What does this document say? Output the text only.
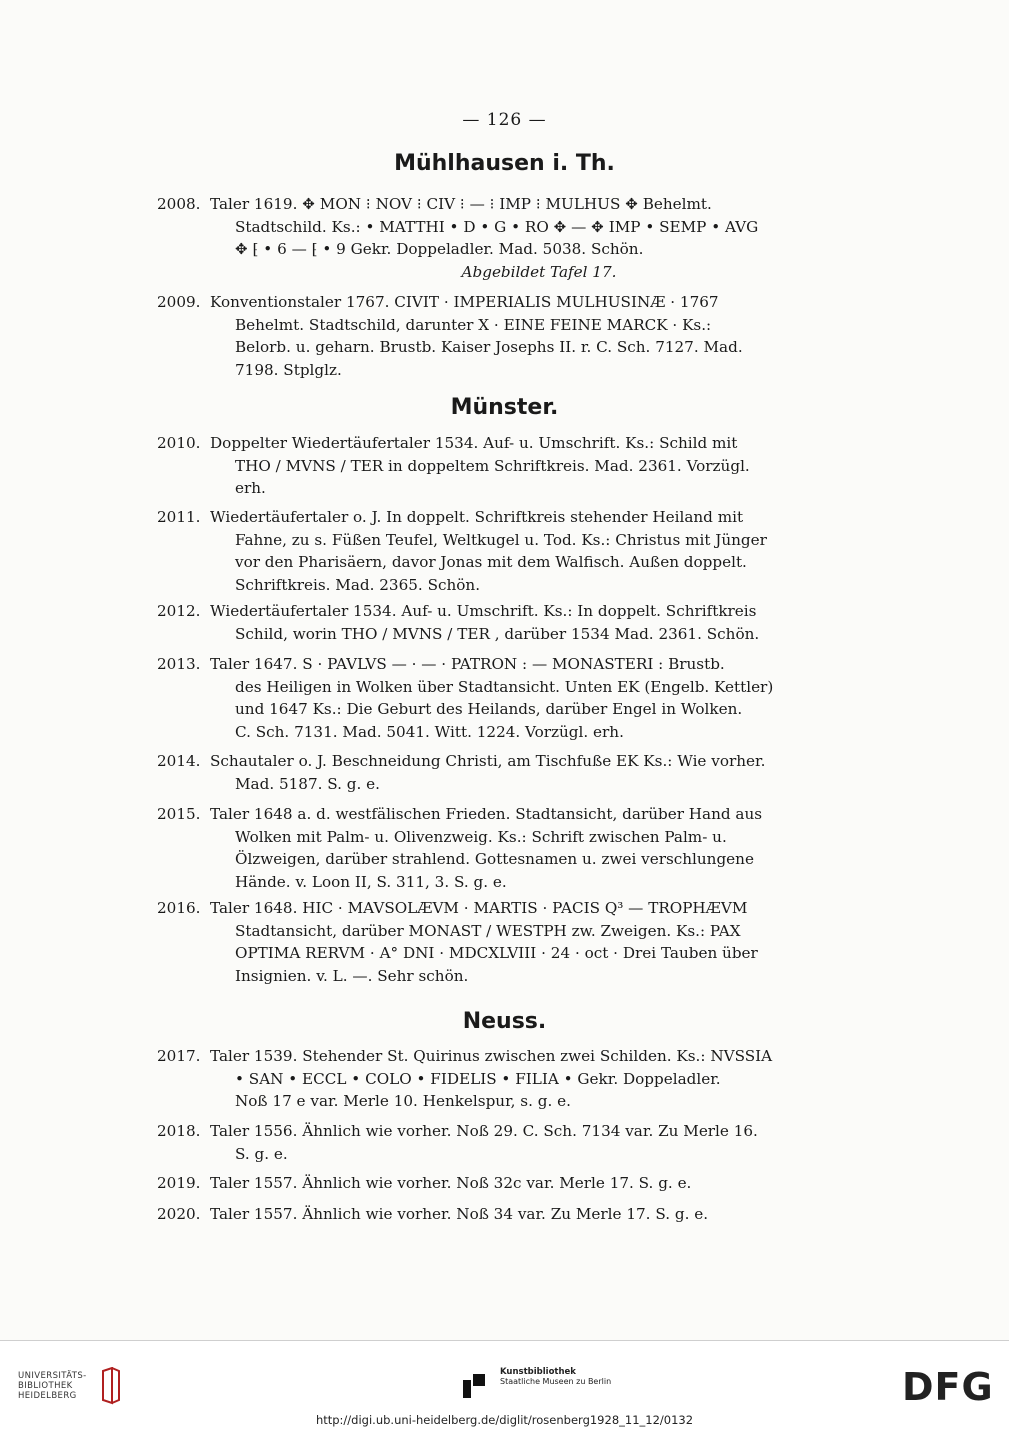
— 126 —
Mühlhausen i. Th.
2008. Taler 1619. ✥ MON ⁝ NOV ⁝ CIV ⁝ — ⁝ IMP ⁝ MULHUS ✥ Behelmt.
Stadtschild. Ks.: • MATTHI • D • G • RO ✥ — ✥ IMP • SEMP • AVG
✥ ⁅ • 6 — ⁅ • 9 Gekr. Doppeladler. Mad. 5038. Schön.
Abgebildet Tafel 17.
2009. Konventionstaler 1767. CIVIT · IMPERIALIS MULHUSINÆ · 1767
Behelmt. Stadtschild, darunter X · EINE FEINE MARCK · Ks.:
Belorb. u. geharn. Brustb. Kaiser Josephs II. r. C. Sch. 7127. Mad.
7198. Stplglz.
Münster.
2010. Doppelter Wiedertäufertaler 1534. Auf- u. Umschrift. Ks.: Schild mit
THO / MVNS / TER in doppeltem Schriftkreis. Mad. 2361. Vorzügl.
erh.
2011. Wiedertäufertaler o. J. In doppelt. Schriftkreis stehender Heiland mit
Fahne, zu s. Füßen Teufel, Weltkugel u. Tod. Ks.: Christus mit Jünger
vor den Pharisäern, davor Jonas mit dem Walfisch. Außen doppelt.
Schriftkreis. Mad. 2365. Schön.
2012. Wiedertäufertaler 1534. Auf- u. Umschrift. Ks.: In doppelt. Schriftkreis
Schild, worin THO / MVNS / TER , darüber 1534 Mad. 2361. Schön.
2013. Taler 1647. S · PAVLVS — · — · PATRON : — MONASTERI : Brustb.
des Heiligen in Wolken über Stadtansicht. Unten EK (Engelb. Kettler)
und 1647 Ks.: Die Geburt des Heilands, darüber Engel in Wolken.
C. Sch. 7131. Mad. 5041. Witt. 1224. Vorzügl. erh.
2014. Schautaler o. J. Beschneidung Christi, am Tischfuße EK Ks.: Wie vorher.
Mad. 5187. S. g. e.
2015. Taler 1648 a. d. westfälischen Frieden. Stadtansicht, darüber Hand aus
Wolken mit Palm- u. Olivenzweig. Ks.: Schrift zwischen Palm- u.
Ölzweigen, darüber strahlend. Gottesnamen u. zwei verschlungene
Hände. v. Loon II, S. 311, 3. S. g. e.
2016. Taler 1648. HIC · MAVSOLÆVM · MARTIS · PACIS Q³ — TROPHÆVM
Stadtansicht, darüber MONAST / WESTPH zw. Zweigen. Ks.: PAX
OPTIMA RERVM · A° DNI · MDCXLVIII · 24 · oct · Drei Tauben über
Insignien. v. L. —. Sehr schön.
Neuss.
2017. Taler 1539. Stehender St. Quirinus zwischen zwei Schilden. Ks.: NVSSIA
• SAN • ECCL • COLO • FIDELIS • FILIA • Gekr. Doppeladler.
Noß 17 e var. Merle 10. Henkelspur, s. g. e.
2018. Taler 1556. Ähnlich wie vorher. Noß 29. C. Sch. 7134 var. Zu Merle 16.
S. g. e.
2019. Taler 1557. Ähnlich wie vorher. Noß 32c var. Merle 17. S. g. e.
2020. Taler 1557. Ähnlich wie vorher. Noß 34 var. Zu Merle 17. S. g. e.
UNIVERSITÄTS-
BIBLIOTHEK
HEIDELBERG
Kunstbibliothek
Staatliche Museen zu Berlin	DFG
http://digi.ub.uni-heidelberg.de/diglit/rosenberg1928_11_12/0132
